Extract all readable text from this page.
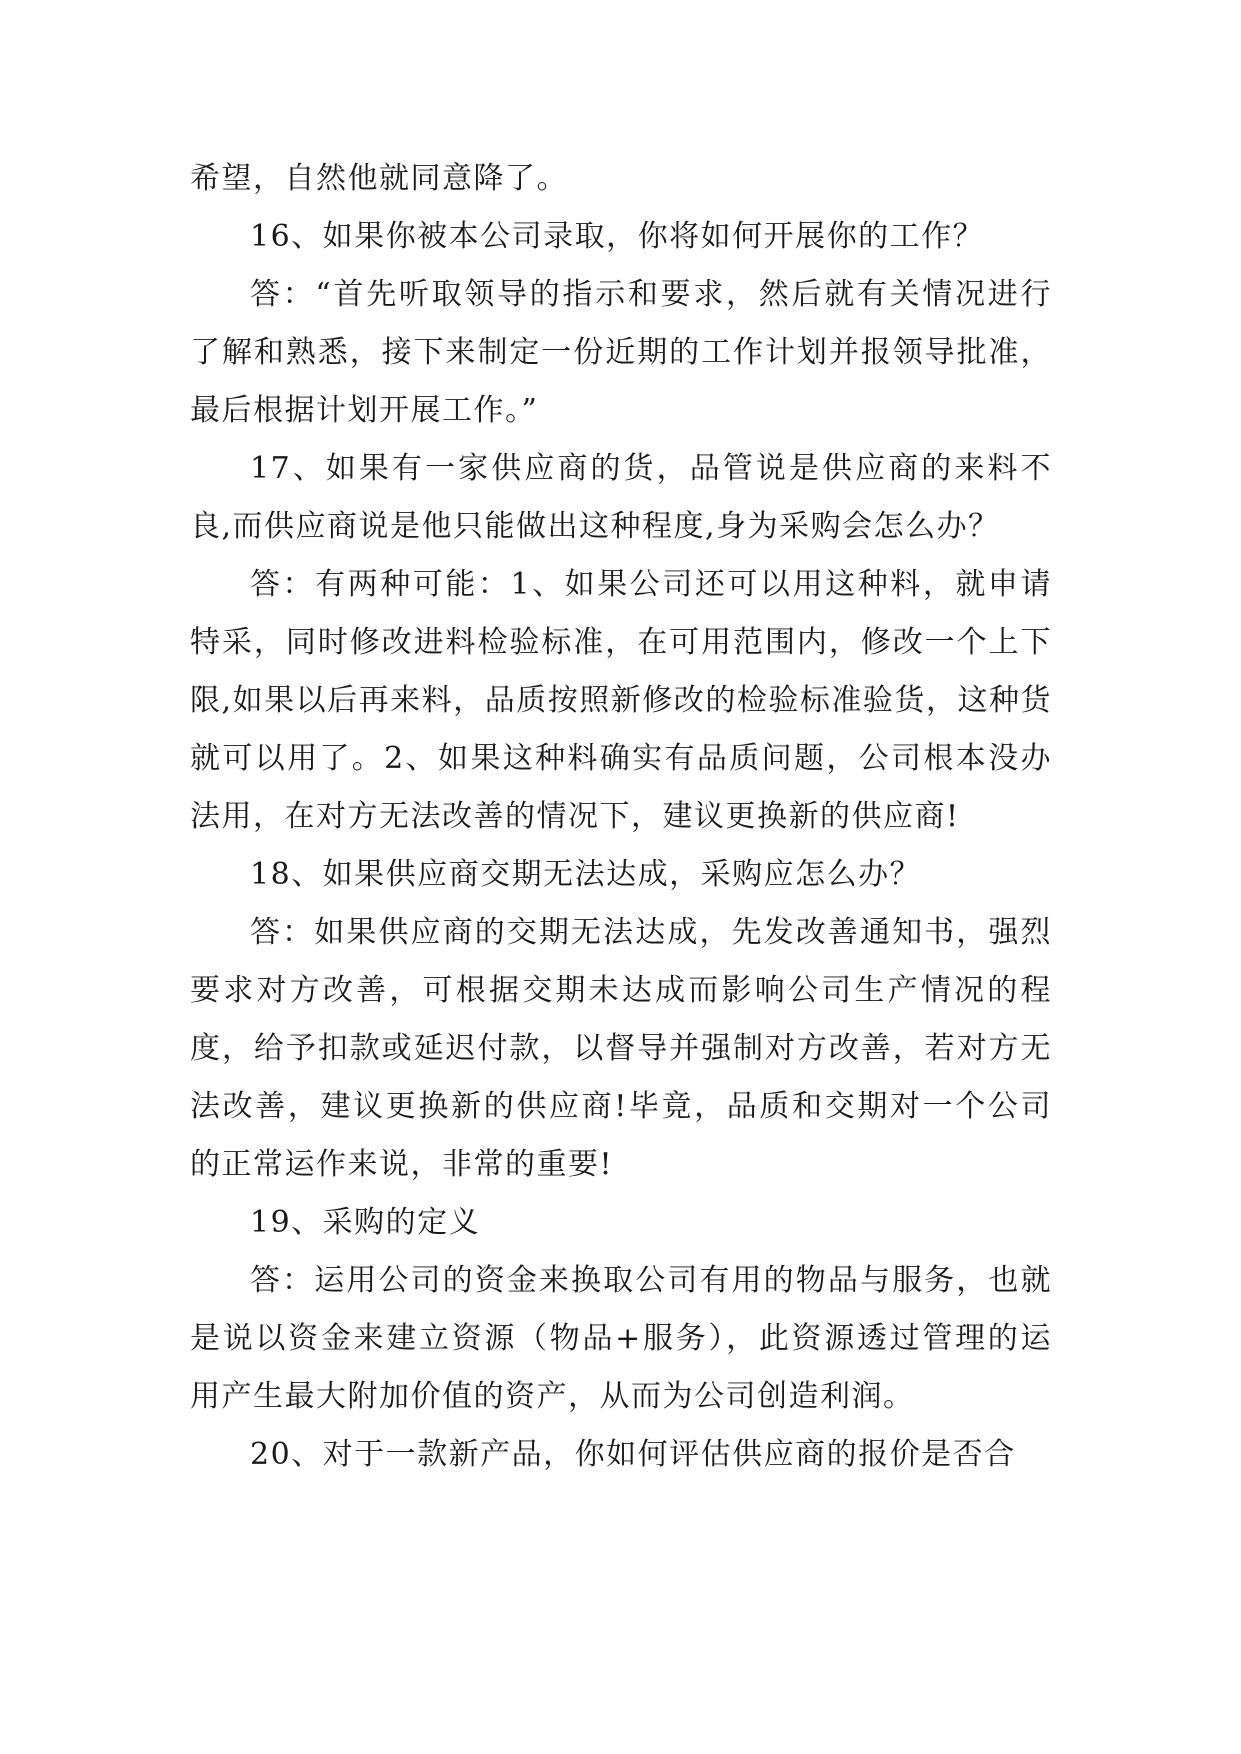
希望，自然他就同意降了。

16、如果你被本公司录取，你将如何开展你的工作？

答：“首先听取领导的指示和要求，然后就有关情况进行了解和熟悉，接下来制定一份近期的工作计划并报领导批准，最后根据计划开展工作。”

17、如果有一家供应商的货，品管说是供应商的来料不良,而供应商说是他只能做出这种程度,身为采购会怎么办？

答：有两种可能：1、如果公司还可以用这种料，就申请特采，同时修改进料检验标准，在可用范围内，修改一个上下限,如果以后再来料，品质按照新修改的检验标准验货，这种货就可以用了。2、如果这种料确实有品质问题，公司根本没办法用，在对方无法改善的情况下，建议更换新的供应商!

18、如果供应商交期无法达成，采购应怎么办？

答：如果供应商的交期无法达成，先发改善通知书，强烈要求对方改善，可根据交期未达成而影响公司生产情况的程度，给予扣款或延迟付款，以督导并强制对方改善，若对方无法改善，建议更换新的供应商!毕竟，品质和交期对一个公司的正常运作来说，非常的重要!

19、采购的定义

答：运用公司的资金来换取公司有用的物品与服务，也就是说以资金来建立资源（物品+服务），此资源透过管理的运用产生最大附加价值的资产，从而为公司创造利润。

20、对于一款新产品，你如何评估供应商的报价是否合
